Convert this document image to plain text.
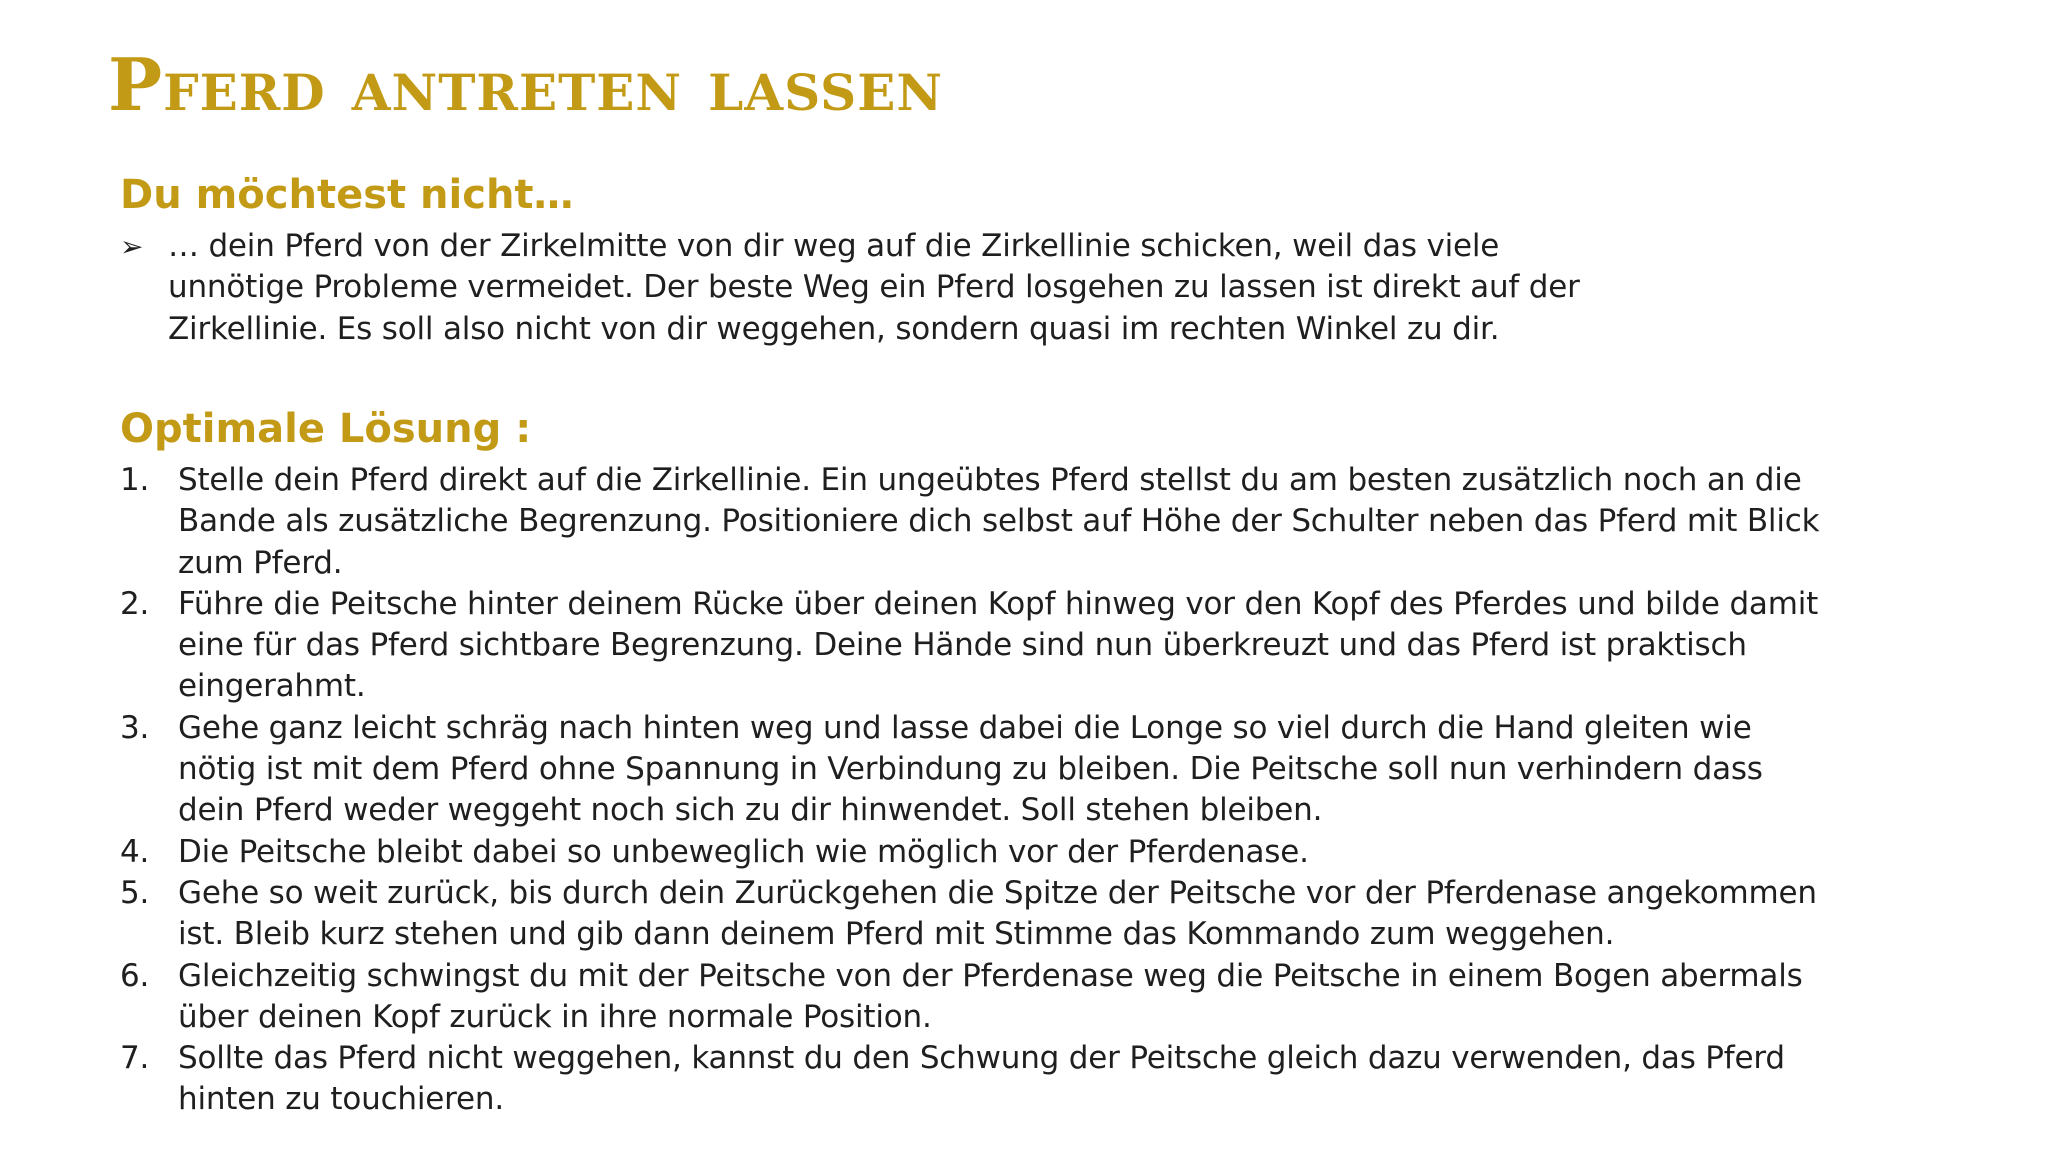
Pferd antreten lassen
Du möchtest nicht…
➢ … dein Pferd von der Zirkelmitte von dir weg auf die Zirkellinie schicken, weil das viele
unnötige Probleme vermeidet. Der beste Weg ein Pferd losgehen zu lassen ist direkt auf der
Zirkellinie. Es soll also nicht von dir weggehen, sondern quasi im rechten Winkel zu dir.
Optimale Lösung :
1. Stelle dein Pferd direkt auf die Zirkellinie. Ein ungeübtes Pferd stellst du am besten zusätzlich noch an die
Bande als zusätzliche Begrenzung. Positioniere dich selbst auf Höhe der Schulter neben das Pferd mit Blick
zum Pferd.
2. Führe die Peitsche hinter deinem Rücke über deinen Kopf hinweg vor den Kopf des Pferdes und bilde damit
eine für das Pferd sichtbare Begrenzung. Deine Hände sind nun überkreuzt und das Pferd ist praktisch
eingerahmt.
3. Gehe ganz leicht schräg nach hinten weg und lasse dabei die Longe so viel durch die Hand gleiten wie
nötig ist mit dem Pferd ohne Spannung in Verbindung zu bleiben. Die Peitsche soll nun verhindern dass
dein Pferd weder weggeht noch sich zu dir hinwendet. Soll stehen bleiben.
4. Die Peitsche bleibt dabei so unbeweglich wie möglich vor der Pferdenase.
5. Gehe so weit zurück, bis durch dein Zurückgehen die Spitze der Peitsche vor der Pferdenase angekommen
ist. Bleib kurz stehen und gib dann deinem Pferd mit Stimme das Kommando zum weggehen.
6. Gleichzeitig schwingst du mit der Peitsche von der Pferdenase weg die Peitsche in einem Bogen abermals
über deinen Kopf zurück in ihre normale Position.
7. Sollte das Pferd nicht weggehen, kannst du den Schwung der Peitsche gleich dazu verwenden, das Pferd
hinten zu touchieren.
